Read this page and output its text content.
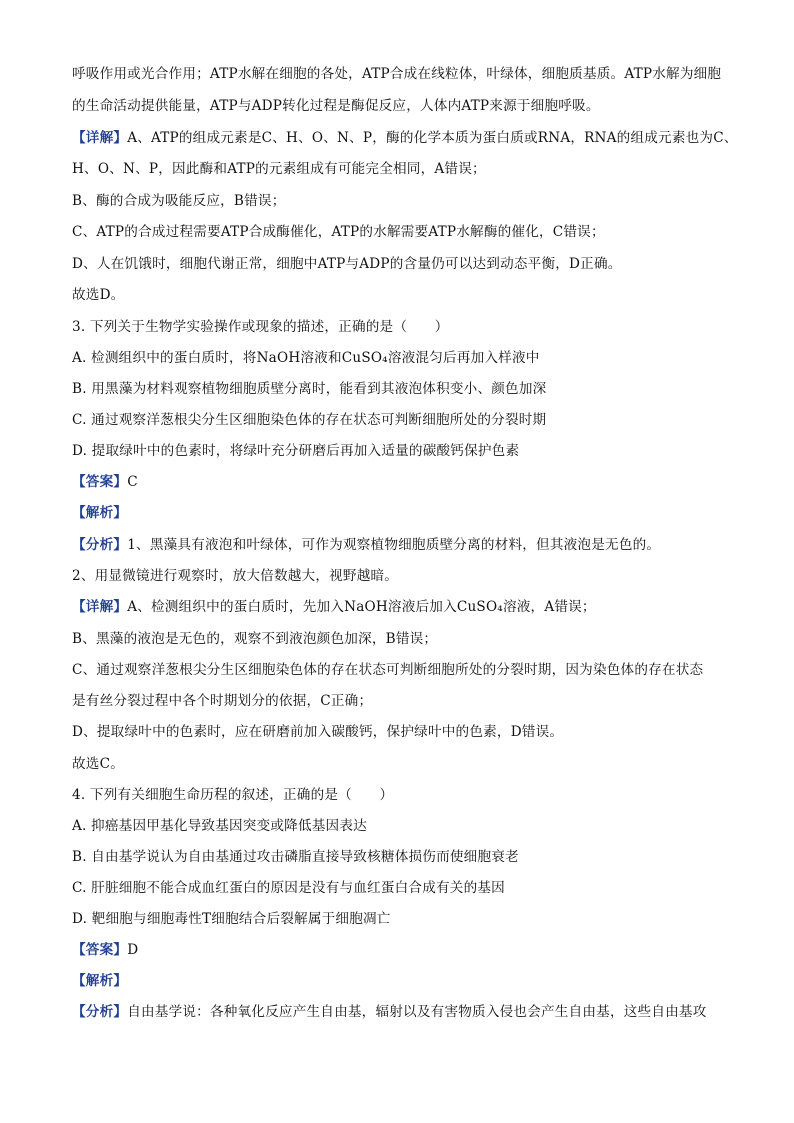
呼吸作用或光合作用；ATP水解在细胞的各处，ATP合成在线粒体，叶绿体，细胞质基质。ATP水解为细胞
的生命活动提供能量，ATP与ADP转化过程是酶促反应，人体内ATP来源于细胞呼吸。
【详解】A、ATP的组成元素是C、H、O、N、P，酶的化学本质为蛋白质或RNA，RNA的组成元素也为C、
H、O、N、P，因此酶和ATP的元素组成有可能完全相同，A错误；
B、酶的合成为吸能反应，B错误；
C、ATP的合成过程需要ATP合成酶催化，ATP的水解需要ATP水解酶的催化，C错误；
D、人在饥饿时，细胞代谢正常，细胞中ATP与ADP的含量仍可以达到动态平衡，D正确。
故选D。
3. 下列关于生物学实验操作或现象的描述，正确的是（　　）
A. 检测组织中的蛋白质时，将NaOH溶液和CuSO₄溶液混匀后再加入样液中
B. 用黑藻为材料观察植物细胞质壁分离时，能看到其液泡体积变小、颜色加深
C. 通过观察洋葱根尖分生区细胞染色体的存在状态可判断细胞所处的分裂时期
D. 提取绿叶中的色素时，将绿叶充分研磨后再加入适量的碳酸钙保护色素
【答案】C
【解析】
【分析】1、黑藻具有液泡和叶绿体，可作为观察植物细胞质壁分离的材料，但其液泡是无色的。
2、用显微镜进行观察时，放大倍数越大，视野越暗。
【详解】A、检测组织中的蛋白质时，先加入NaOH溶液后加入CuSO₄溶液，A错误；
B、黑藻的液泡是无色的，观察不到液泡颜色加深，B错误；
C、通过观察洋葱根尖分生区细胞染色体的存在状态可判断细胞所处的分裂时期，因为染色体的存在状态
是有丝分裂过程中各个时期划分的依据，C正确；
D、提取绿叶中的色素时，应在研磨前加入碳酸钙，保护绿叶中的色素，D错误。
故选C。
4. 下列有关细胞生命历程的叙述，正确的是（　　）
A. 抑癌基因甲基化导致基因突变或降低基因表达
B. 自由基学说认为自由基通过攻击磷脂直接导致核糖体损伤而使细胞衰老
C. 肝脏细胞不能合成血红蛋白的原因是没有与血红蛋白合成有关的基因
D. 靶细胞与细胞毒性T细胞结合后裂解属于细胞凋亡
【答案】D
【解析】
【分析】自由基学说：各种氧化反应产生自由基，辐射以及有害物质入侵也会产生自由基，这些自由基攻
